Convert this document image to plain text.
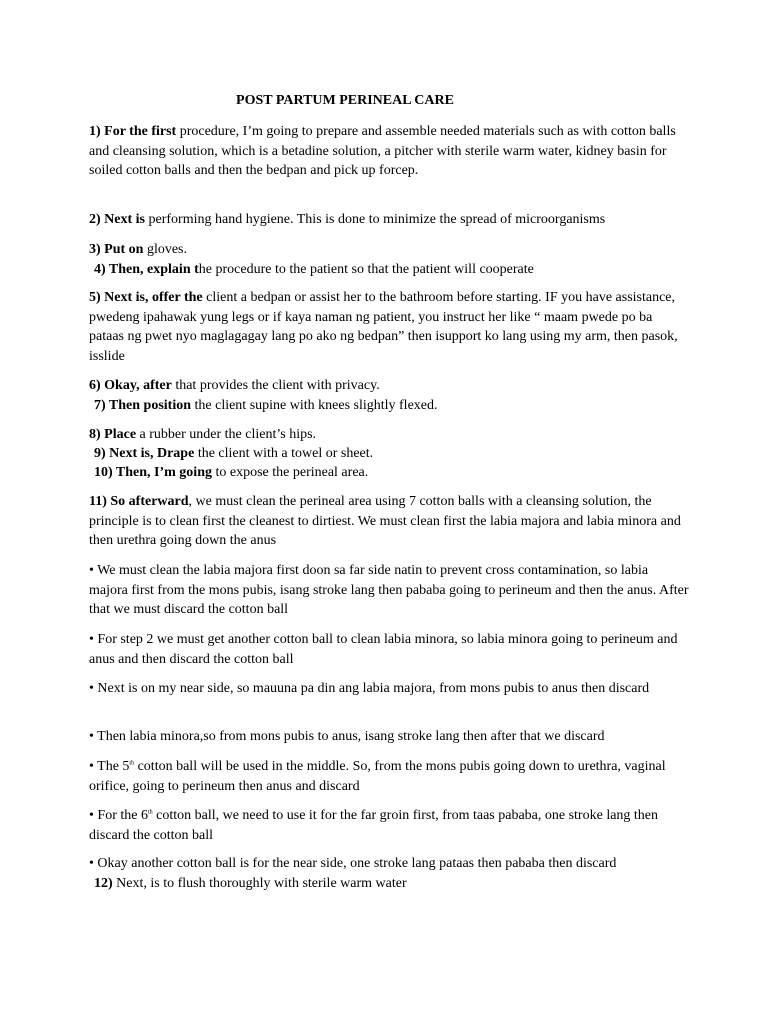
POST PARTUM PERINEAL CARE
1) For the first procedure, I’m going to prepare and assemble needed materials such as with cotton balls and cleansing solution, which is a betadine solution, a pitcher with sterile warm water, kidney basin for soiled cotton balls and then the bedpan and pick up forcep.
2) Next is performing hand hygiene. This is done to minimize the spread of microorganisms
3) Put on gloves.
4) Then, explain the procedure to the patient so that the patient will cooperate
5) Next is, offer the client a bedpan or assist her to the bathroom before starting. IF you have assistance, pwedeng ipahawak yung legs or if kaya naman ng patient, you instruct her like “ maam pwede po ba pataas ng pwet nyo maglagagay lang po ako ng bedpan” then isupport ko lang using my arm, then pasok, isslide
6) Okay, after that provides the client with privacy.
7) Then position the client supine with knees slightly flexed.
8) Place a rubber under the client’s hips.
9) Next is, Drape the client with a towel or sheet.
10) Then, I’m going to expose the perineal area.
11) So afterward, we must clean the perineal area using 7 cotton balls with a cleansing solution, the principle is to clean first the cleanest to dirtiest. We must clean first the labia majora and labia minora and then urethra going down the anus
• We must clean the labia majora first doon sa far side natin to prevent cross contamination, so labia majora first from the mons pubis, isang stroke lang then pababa going to perineum and then the anus. After that we must discard the cotton ball
• For step 2 we must get another cotton ball to clean labia minora, so labia minora going to perineum and anus and then discard the cotton ball
• Next is on my near side, so mauuna pa din ang labia majora, from mons pubis to anus then discard
• Then labia minora,so from mons pubis to anus, isang stroke lang then after that we discard
• The 5th cotton ball will be used in the middle. So, from the mons pubis going down to urethra, vaginal orifice, going to perineum then anus and discard
• For the 6th cotton ball, we need to use it for the far groin first, from taas pababa, one stroke lang then discard the cotton ball
• Okay another cotton ball is for the near side, one stroke lang pataas then pababa then discard
12) Next, is to flush thoroughly with sterile warm water
